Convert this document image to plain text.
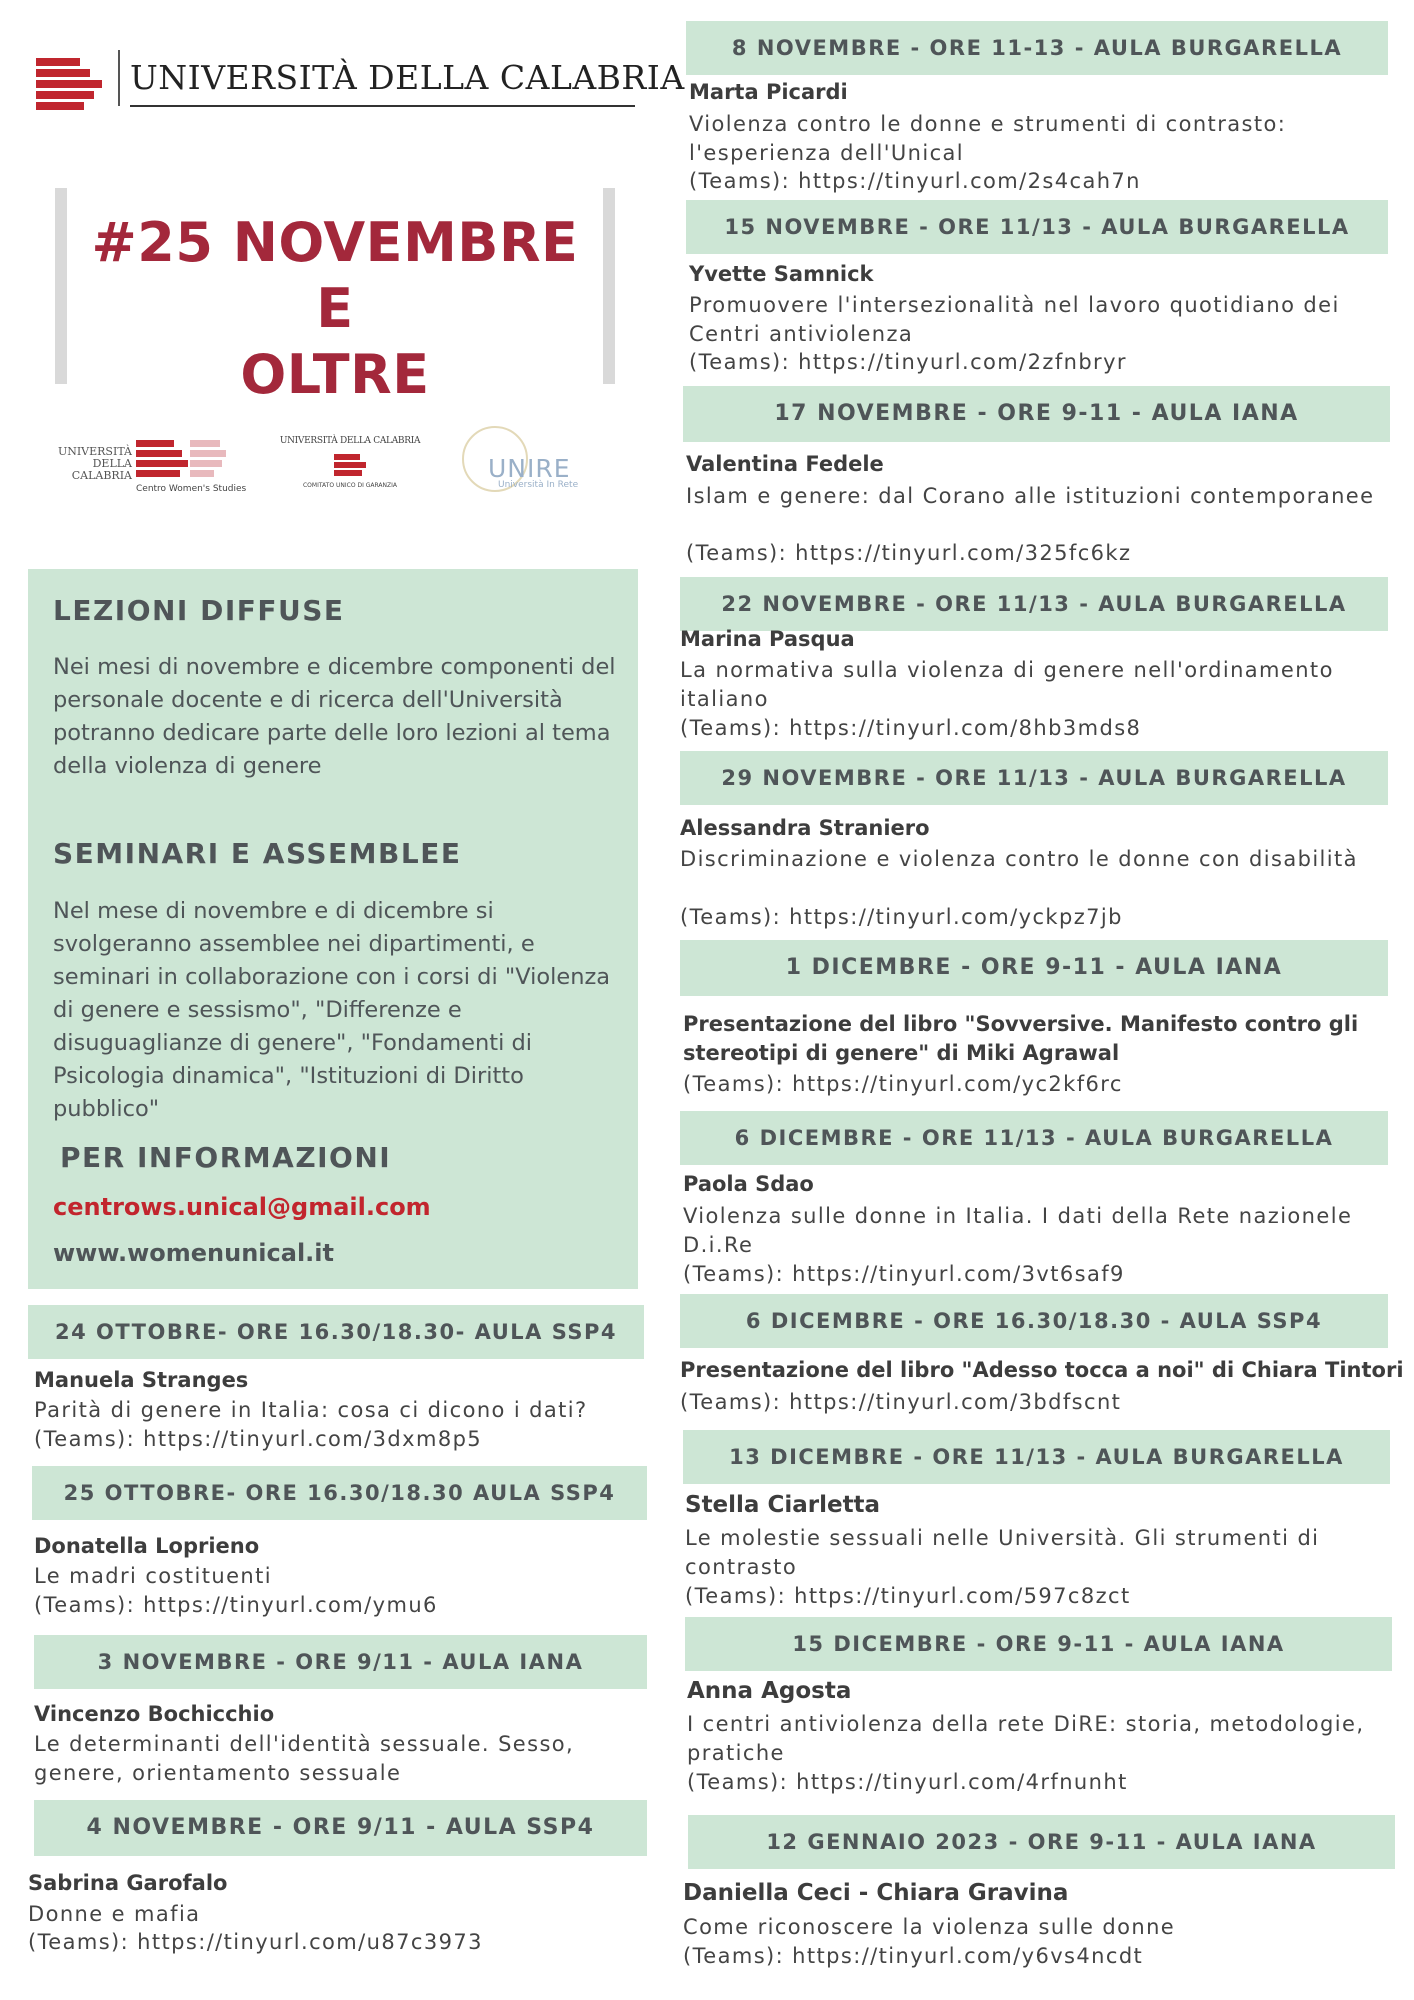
UNIVERSITÀ DELLA CALABRIA
#25 NOVEMBRE E
OLTRE
UNIVERSITÀ DELLA CALABRIA
Centro Women's Studies
UNIVERSITÀ DELLA CALABRIA
COMITATO UNICO DI GARANZIA
UNIRE
Università In Rete
LEZIONI DIFFUSE
Nei mesi di novembre e dicembre componenti del personale docente e di ricerca dell'Università potranno dedicare parte delle loro lezioni al tema della violenza di genere
SEMINARI E ASSEMBLEE
Nel mese di novembre e di dicembre si svolgeranno assemblee nei dipartimenti, e seminari in collaborazione con i corsi di "Violenza di genere e sessismo", "Differenze e disuguaglianze di genere", "Fondamenti di Psicologia dinamica", "Istituzioni di Diritto pubblico"
PER INFORMAZIONI
centrows.unical@gmail.com
www.womenunical.it
24 OTTOBRE- ORE 16.30/18.30- AULA SSP4
Manuela Stranges
Parità di genere in Italia: cosa ci dicono i dati?
(Teams): https://tinyurl.com/3dxm8p5
25 OTTOBRE- ORE 16.30/18.30 AULA SSP4
Donatella Loprieno
Le madri costituenti
(Teams): https://tinyurl.com/ymu6
3 NOVEMBRE - ORE 9/11 - AULA IANA
Vincenzo Bochicchio
Le determinanti dell'identità sessuale. Sesso, genere, orientamento sessuale
4 NOVEMBRE - ORE 9/11 - AULA SSP4
Sabrina Garofalo
Donne e mafia
(Teams): https://tinyurl.com/u87c3973
8 NOVEMBRE - ORE 11-13 - AULA BURGARELLA
Marta Picardi
Violenza contro le donne e strumenti di contrasto: l'esperienza dell'Unical
(Teams): https://tinyurl.com/2s4cah7n
15 NOVEMBRE - ORE 11/13 - AULA BURGARELLA
Yvette Samnick
Promuovere l'intersezionalità nel lavoro quotidiano dei Centri antiviolenza
(Teams): https://tinyurl.com/2zfnbryr
17 NOVEMBRE - ORE 9-11 - AULA IANA
Valentina Fedele
Islam e genere: dal Corano alle istituzioni contemporanee
(Teams): https://tinyurl.com/325fc6kz
22 NOVEMBRE - ORE 11/13 - AULA BURGARELLA
Marina Pasqua
La normativa sulla violenza di genere nell'ordinamento italiano
(Teams): https://tinyurl.com/8hb3mds8
29 NOVEMBRE - ORE 11/13 - AULA BURGARELLA
Alessandra Straniero
Discriminazione e violenza contro le donne con disabilità
(Teams): https://tinyurl.com/yckpz7jb
1 DICEMBRE - ORE 9-11 - AULA IANA
Presentazione del libro "Sovversive. Manifesto contro gli stereotipi di genere" di Miki Agrawal
(Teams): https://tinyurl.com/yc2kf6rc
6 DICEMBRE - ORE 11/13 - AULA BURGARELLA
Paola Sdao
Violenza sulle donne in Italia. I dati della Rete nazionele D.i.Re
(Teams): https://tinyurl.com/3vt6saf9
6 DICEMBRE - ORE 16.30/18.30 - AULA SSP4
Presentazione del libro "Adesso tocca a noi" di Chiara Tintori
(Teams): https://tinyurl.com/3bdfscnt
13 DICEMBRE - ORE 11/13 - AULA BURGARELLA
Stella Ciarletta
Le molestie sessuali nelle Università. Gli strumenti di contrasto
(Teams): https://tinyurl.com/597c8zct
15 DICEMBRE - ORE 9-11 - AULA IANA
Anna Agosta
I centri antiviolenza della rete DiRE: storia, metodologie, pratiche
(Teams): https://tinyurl.com/4rfnunht
12 GENNAIO 2023 - ORE 9-11 - AULA IANA
Daniella Ceci - Chiara Gravina
Come riconoscere la violenza sulle donne
(Teams): https://tinyurl.com/y6vs4ncdt
